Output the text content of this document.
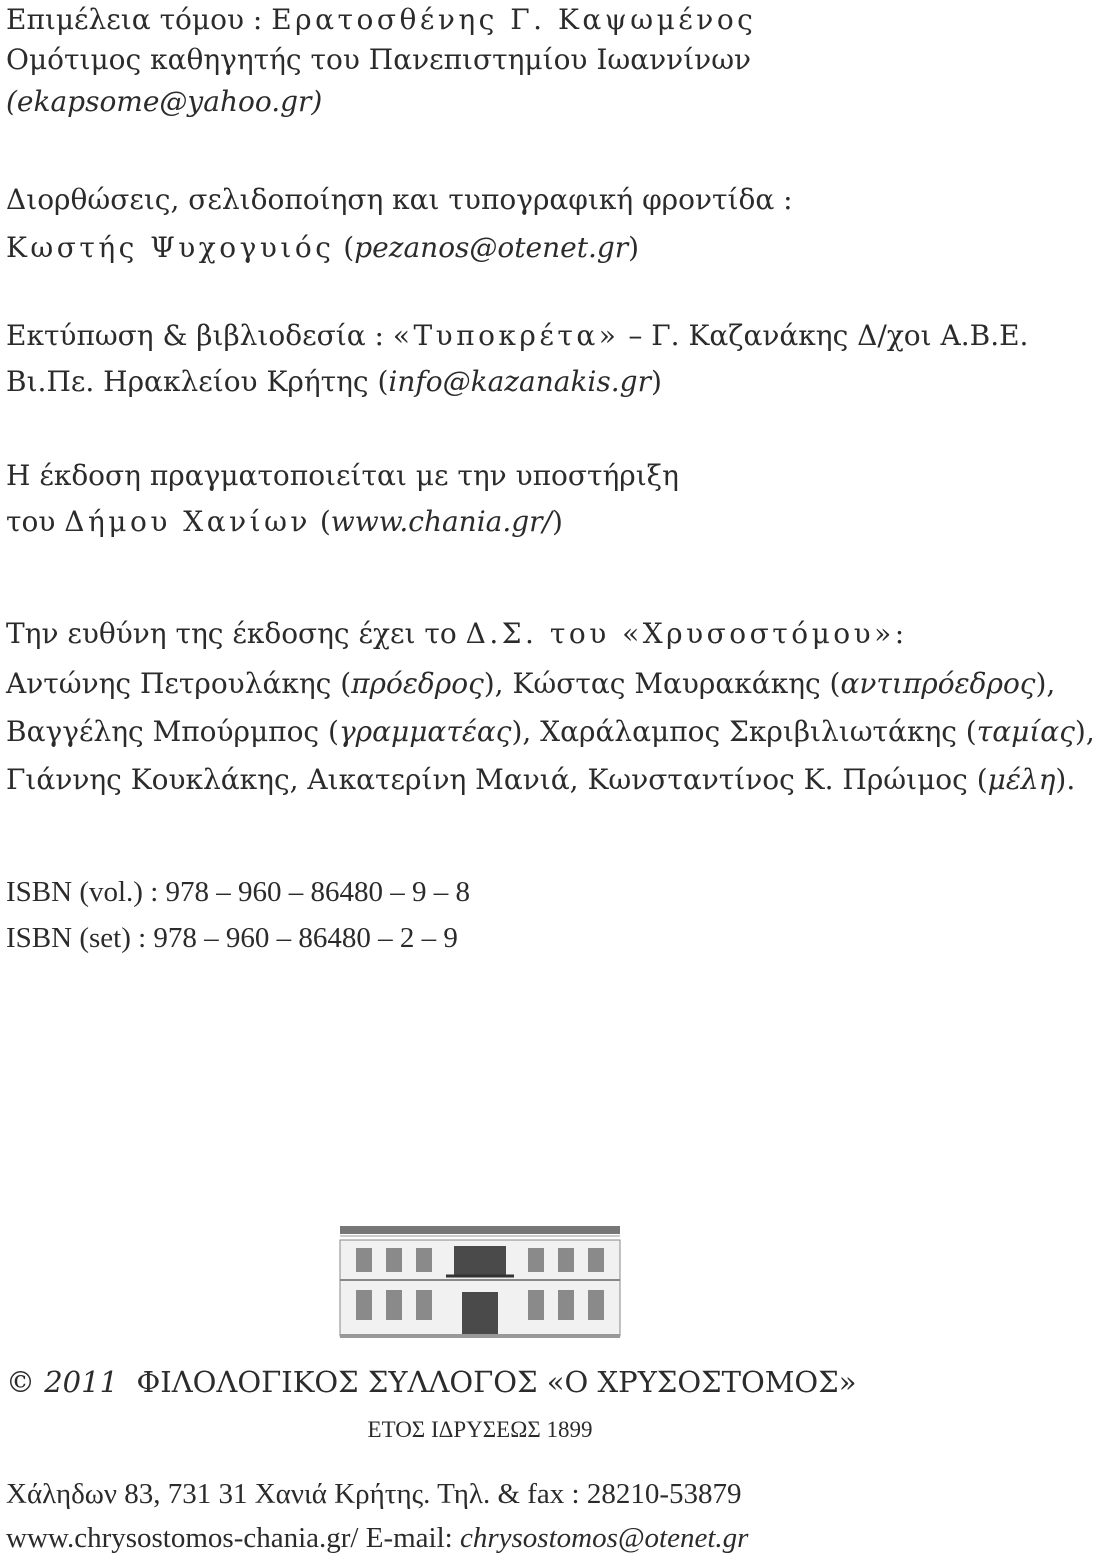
Επιμέλεια τόμου : Ερατοσθένης Γ. Καψωμένος

Ομότιμος καθηγητής του Πανεπιστημίου Ιωαννίνων

(ekapsome@yahoo.gr)

Διορθώσεις, σελιδοποίηση και τυπογραφική φροντίδα :

Κωστής Ψυχογυιός (pezanos@otenet.gr)

Εκτύπωση & βιβλιοδεσία : «Τυποκρέτα» – Γ. Καζανάκης Δ/χοι Α.Β.Ε.

Βι.Πε. Ηρακλείου Κρήτης (info@kazanakis.gr)

Η έκδοση πραγματοποιείται με την υποστήριξη

του Δήμου Χανίων (www.chania.gr/)

Την ευθύνη της έκδοσης έχει το Δ.Σ. του «Χρυσοστόμου»:

Αντώνης Πετρουλάκης (πρόεδρος), Κώστας Μαυρακάκης (αντιπρόεδρος),

Βαγγέλης Μπούρμπος (γραμματέας), Χαράλαμπος Σκριβιλιωτάκης (ταμίας),

Γιάννης Κουκλάκης, Αικατερίνη Μανιά, Κωνσταντίνος Κ. Πρώιμος (μέλη).

ISBN (vol.) : 978 – 960 – 86480 – 9 – 8

ISBN (set) : 978 – 960 – 86480 – 2 – 9

© 2011 ΦΙΛΟΛΟΓΙΚΟΣ ΣΥΛΛΟΓΟΣ «Ο ΧΡΥΣΟΣΤΟΜΟΣ»

ΕΤΟΣ ΙΔΡΥΣΕΩΣ 1899

Χάληδων 83, 731 31 Χανιά Κρήτης. Τηλ. & fax : 28210-53879

www.chrysostomos-chania.gr/ E-mail: chrysostomos@otenet.gr
